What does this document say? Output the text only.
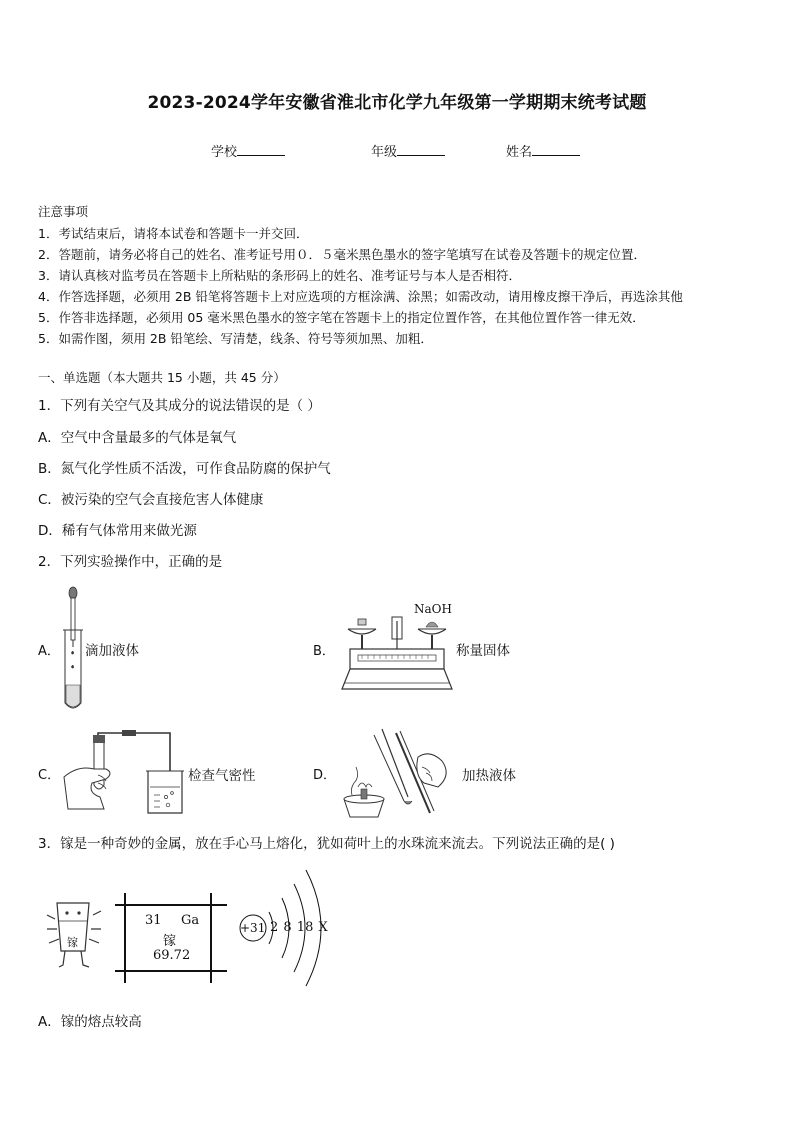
2023-2024学年安徽省淮北市化学九年级第一学期期末统考试题
学校	年级	姓名
注意事项
1．考试结束后，请将本试卷和答题卡一并交回．
2．答题前，请务必将自己的姓名、准考证号用０．５毫米黑色墨水的签字笔填写在试卷及答题卡的规定位置．
3．请认真核对监考员在答题卡上所粘贴的条形码上的姓名、准考证号与本人是否相符．
4．作答选择题，必须用 2B 铅笔将答题卡上对应选项的方框涂满、涂黑；如需改动，请用橡皮擦干净后，再选涂其他
5．作答非选择题，必须用 05 毫米黑色墨水的签字笔在答题卡上的指定位置作答，在其他位置作答一律无效．
5．如需作图，须用 2B 铅笔绘、写清楚，线条、符号等须加黑、加粗．
一、单选题（本大题共 15 小题，共 45 分）
1．下列有关空气及其成分的说法错误的是（ ）
A．空气中含量最多的气体是氧气
B．氮气化学性质不活泼，可作食品防腐的保护气
C．被污染的空气会直接危害人体健康
D．稀有气体常用来做光源
2．下列实验操作中，正确的是
A． 滴加液体	B．
NaOH
称量固体
C．	检查气密性	D．	加热液体
3．镓是一种奇妙的金属，放在手心马上熔化，犹如荷叶上的水珠流来流去。下列说法正确的是( )
镓
31 Ga
镓
69.72
+31 2 8 18 X
A．镓的熔点较高
